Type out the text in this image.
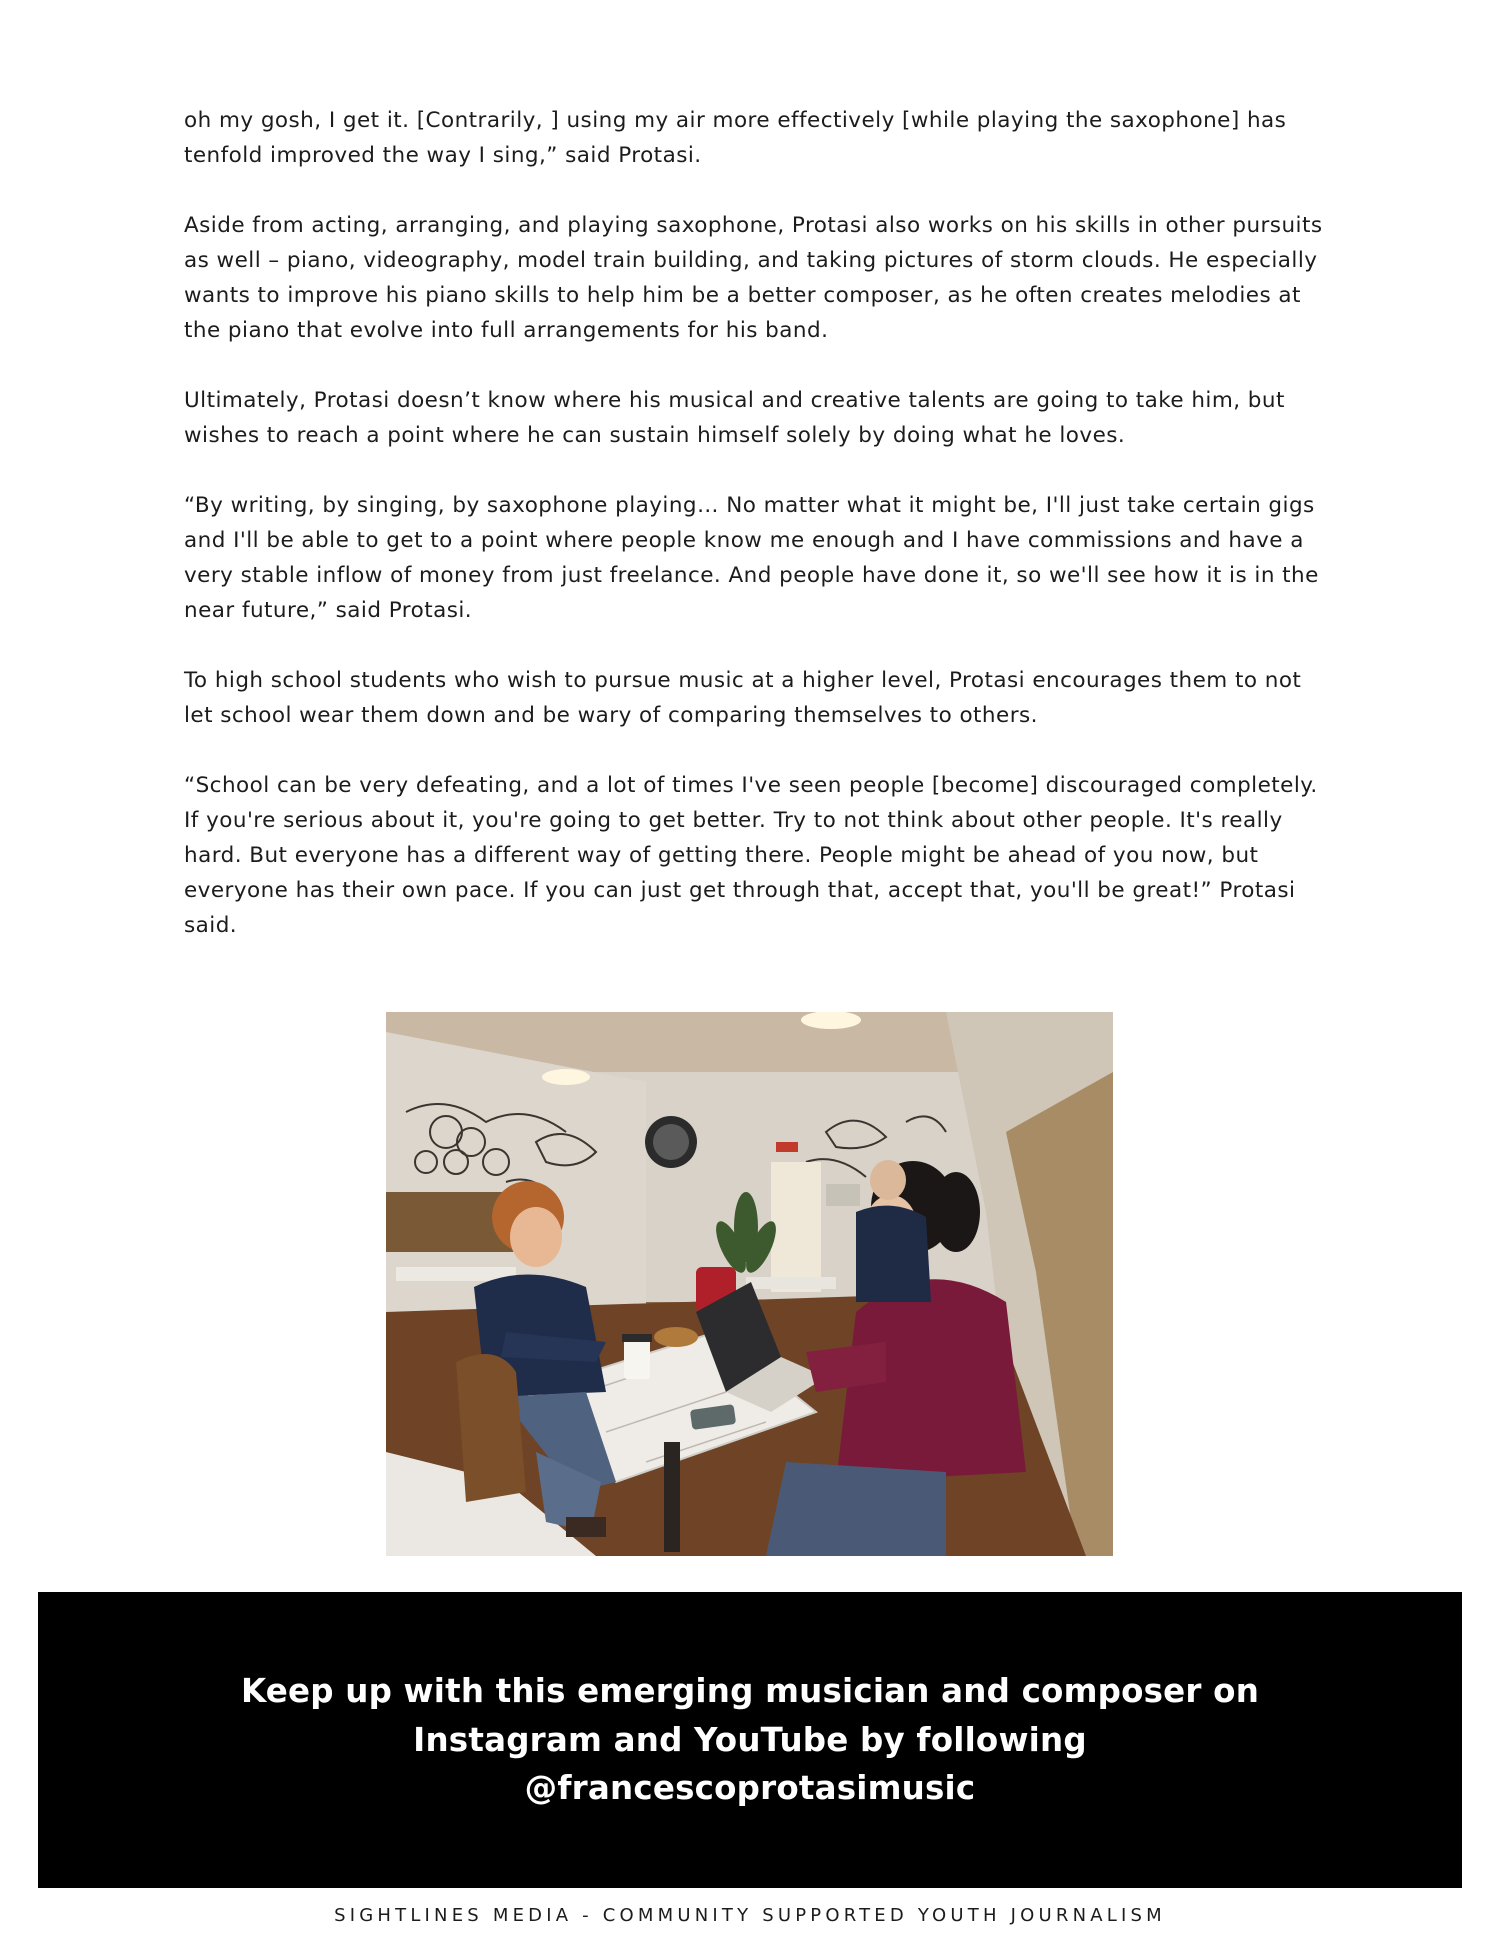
oh my gosh, I get it. [Contrarily, ] using my air more effectively [while playing the saxophone] has tenfold improved the way I sing,” said Protasi.

Aside from acting, arranging, and playing saxophone, Protasi also works on his skills in other pursuits as well – piano, videography, model train building, and taking pictures of storm clouds. He especially wants to improve his piano skills to help him be a better composer, as he often creates melodies at the piano that evolve into full arrangements for his band.

Ultimately, Protasi doesn’t know where his musical and creative talents are going to take him, but wishes to reach a point where he can sustain himself solely by doing what he loves.

“By writing, by singing, by saxophone playing… No matter what it might be, I'll just take certain gigs and I'll be able to get to a point where people know me enough and I have commissions and have a very stable inflow of money from just freelance. And people have done it, so we'll see how it is in the near future,” said Protasi.

To high school students who wish to pursue music at a higher level, Protasi encourages them to not let school wear them down and be wary of comparing themselves to others.

“School can be very defeating, and a lot of times I've seen people [become] discouraged completely. If you're serious about it, you're going to get better. Try to not think about other people. It's really hard. But everyone has a different way of getting there. People might be ahead of you now, but everyone has their own pace. If you can just get through that, accept that, you'll be great!” Protasi said.

Keep up with this emerging musician and composer on Instagram and YouTube by following @francescoprotasimusic

SIGHTLINES MEDIA - COMMUNITY SUPPORTED YOUTH JOURNALISM
